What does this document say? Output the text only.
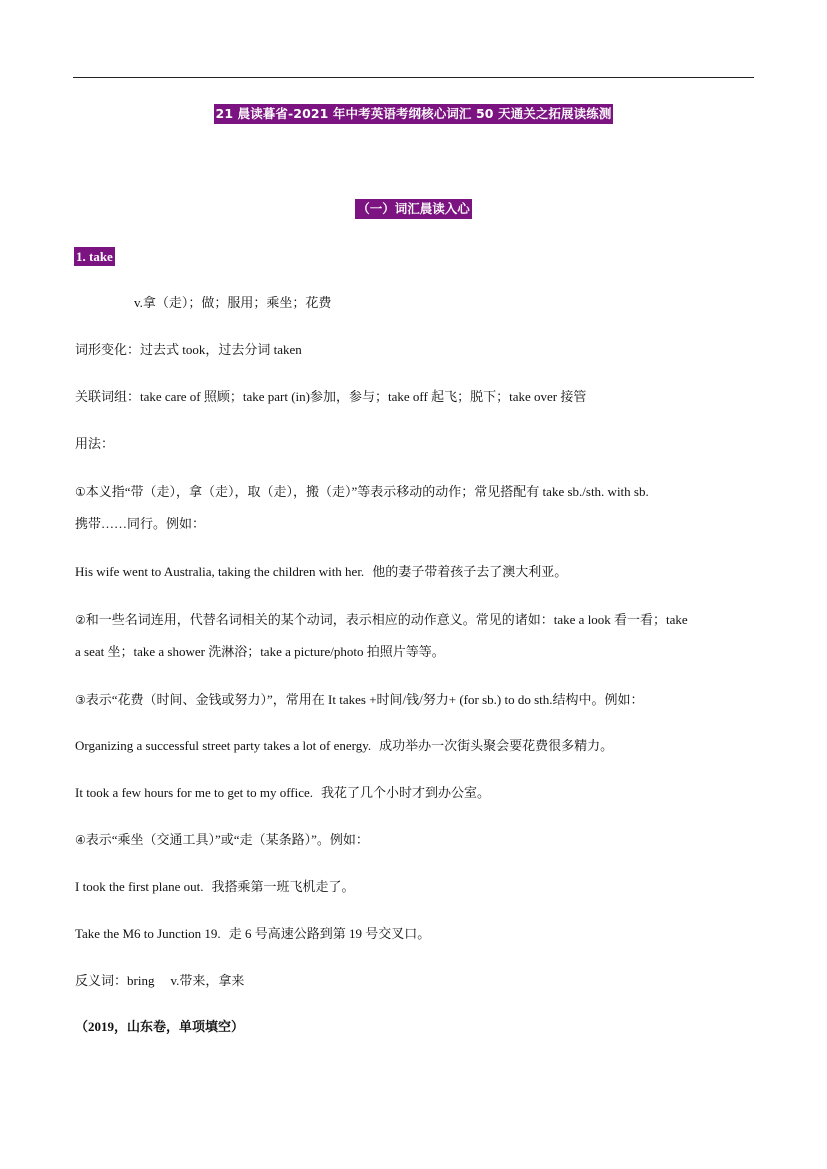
21 晨读暮省-2021 年中考英语考纲核心词汇 50 天通关之拓展读练测
（一）词汇晨读入心
1. take
v.拿（走）；做；服用；乘坐；花费
词形变化：过去式 took，过去分词 taken
关联词组：take care of 照顾；take part (in)参加，参与；take off 起飞；脱下；take over 接管
用法：
①本义指“带（走），拿（走），取（走），搬（走）”等表示移动的动作；常见搭配有 take sb./sth. with sb.
携带……同行。例如：
His wife went to Australia, taking the children with her. 他的妻子带着孩子去了澳大利亚。
②和一些名词连用，代替名词相关的某个动词，表示相应的动作意义。常见的诸如：take a look 看一看；take
a seat 坐；take a shower 洗淋浴；take a picture/photo 拍照片等等。
③表示“花费（时间、金钱或努力）”，常用在 It takes +时间/钱/努力+ (for sb.) to do sth.结构中。例如：
Organizing a successful street party takes a lot of energy. 成功举办一次街头聚会要花费很多精力。
It took a few hours for me to get to my office. 我花了几个小时才到办公室。
④表示“乘坐（交通工具）”或“走（某条路）”。例如：
I took the first plane out. 我搭乘第一班飞机走了。
Take the M6 to Junction 19. 走 6 号高速公路到第 19 号交叉口。
反义词：bring v.带来，拿来
（2019，山东卷，单项填空）
